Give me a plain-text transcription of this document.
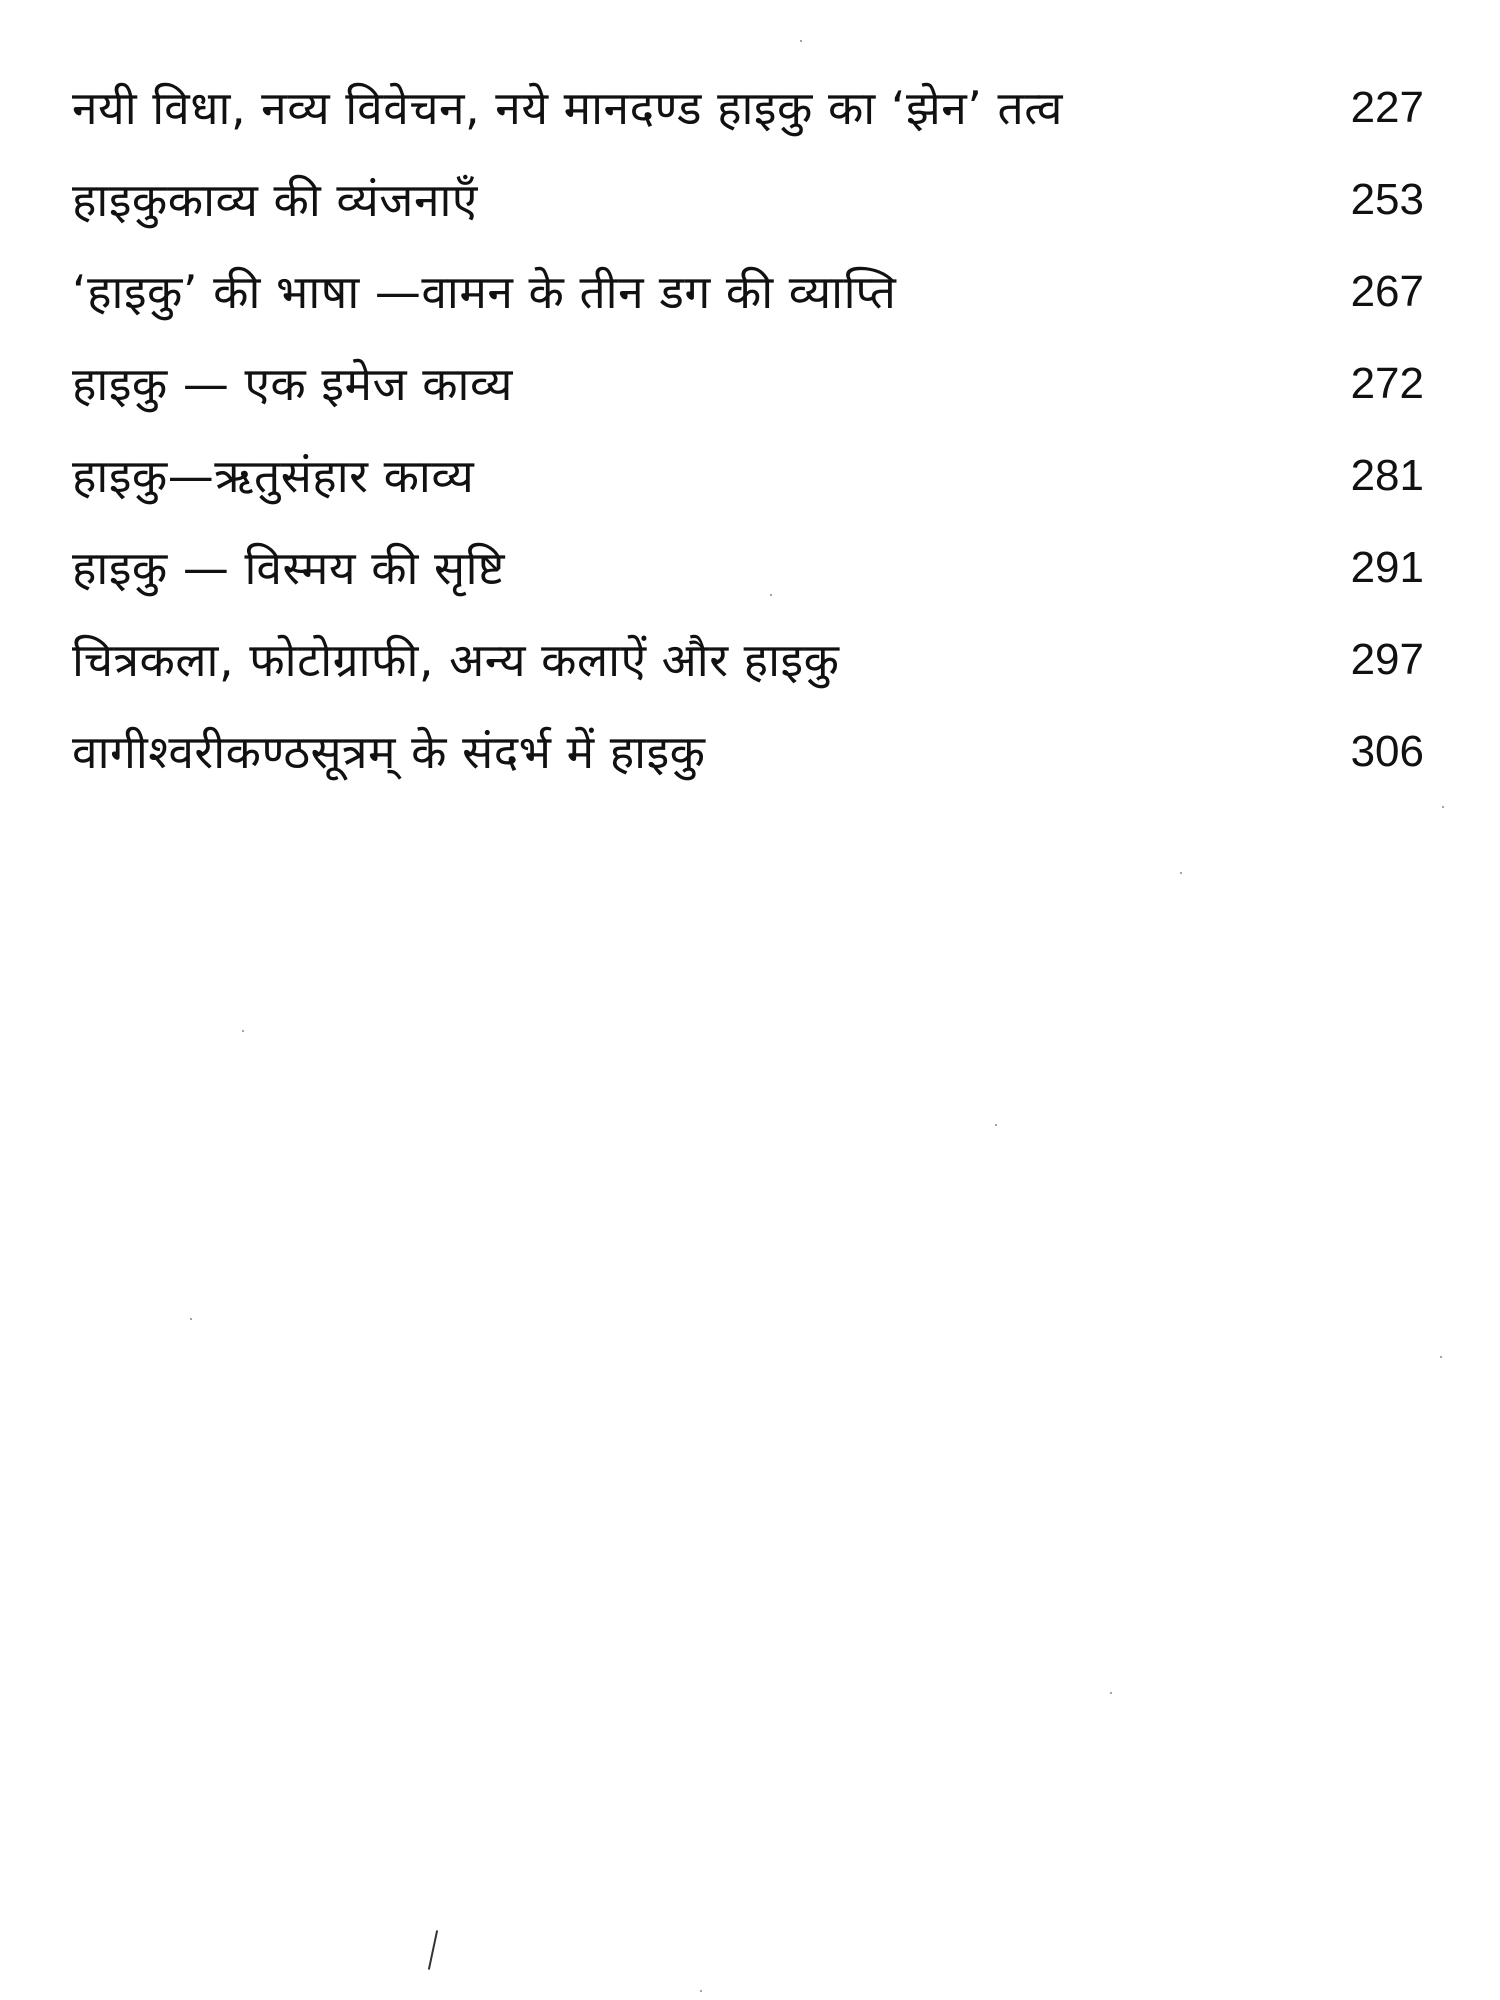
नयी विधा, नव्य विवेचन, नये मानदण्ड हाइकु का ‘झेन’ तत्व	227
हाइकुकाव्य की व्यंजनाएँ	253
‘हाइकु’ की भाषा —वामन के तीन डग की व्याप्ति	267
हाइकु — एक इमेज काव्य	272
हाइकु—ऋतुसंहार काव्य	281
हाइकु — विस्मय की सृष्टि	291
चित्रकला, फोटोग्राफी, अन्य कलाऐं और हाइकु	297
वागीश्वरीकण्ठसूत्रम् के संदर्भ में हाइकु	306
